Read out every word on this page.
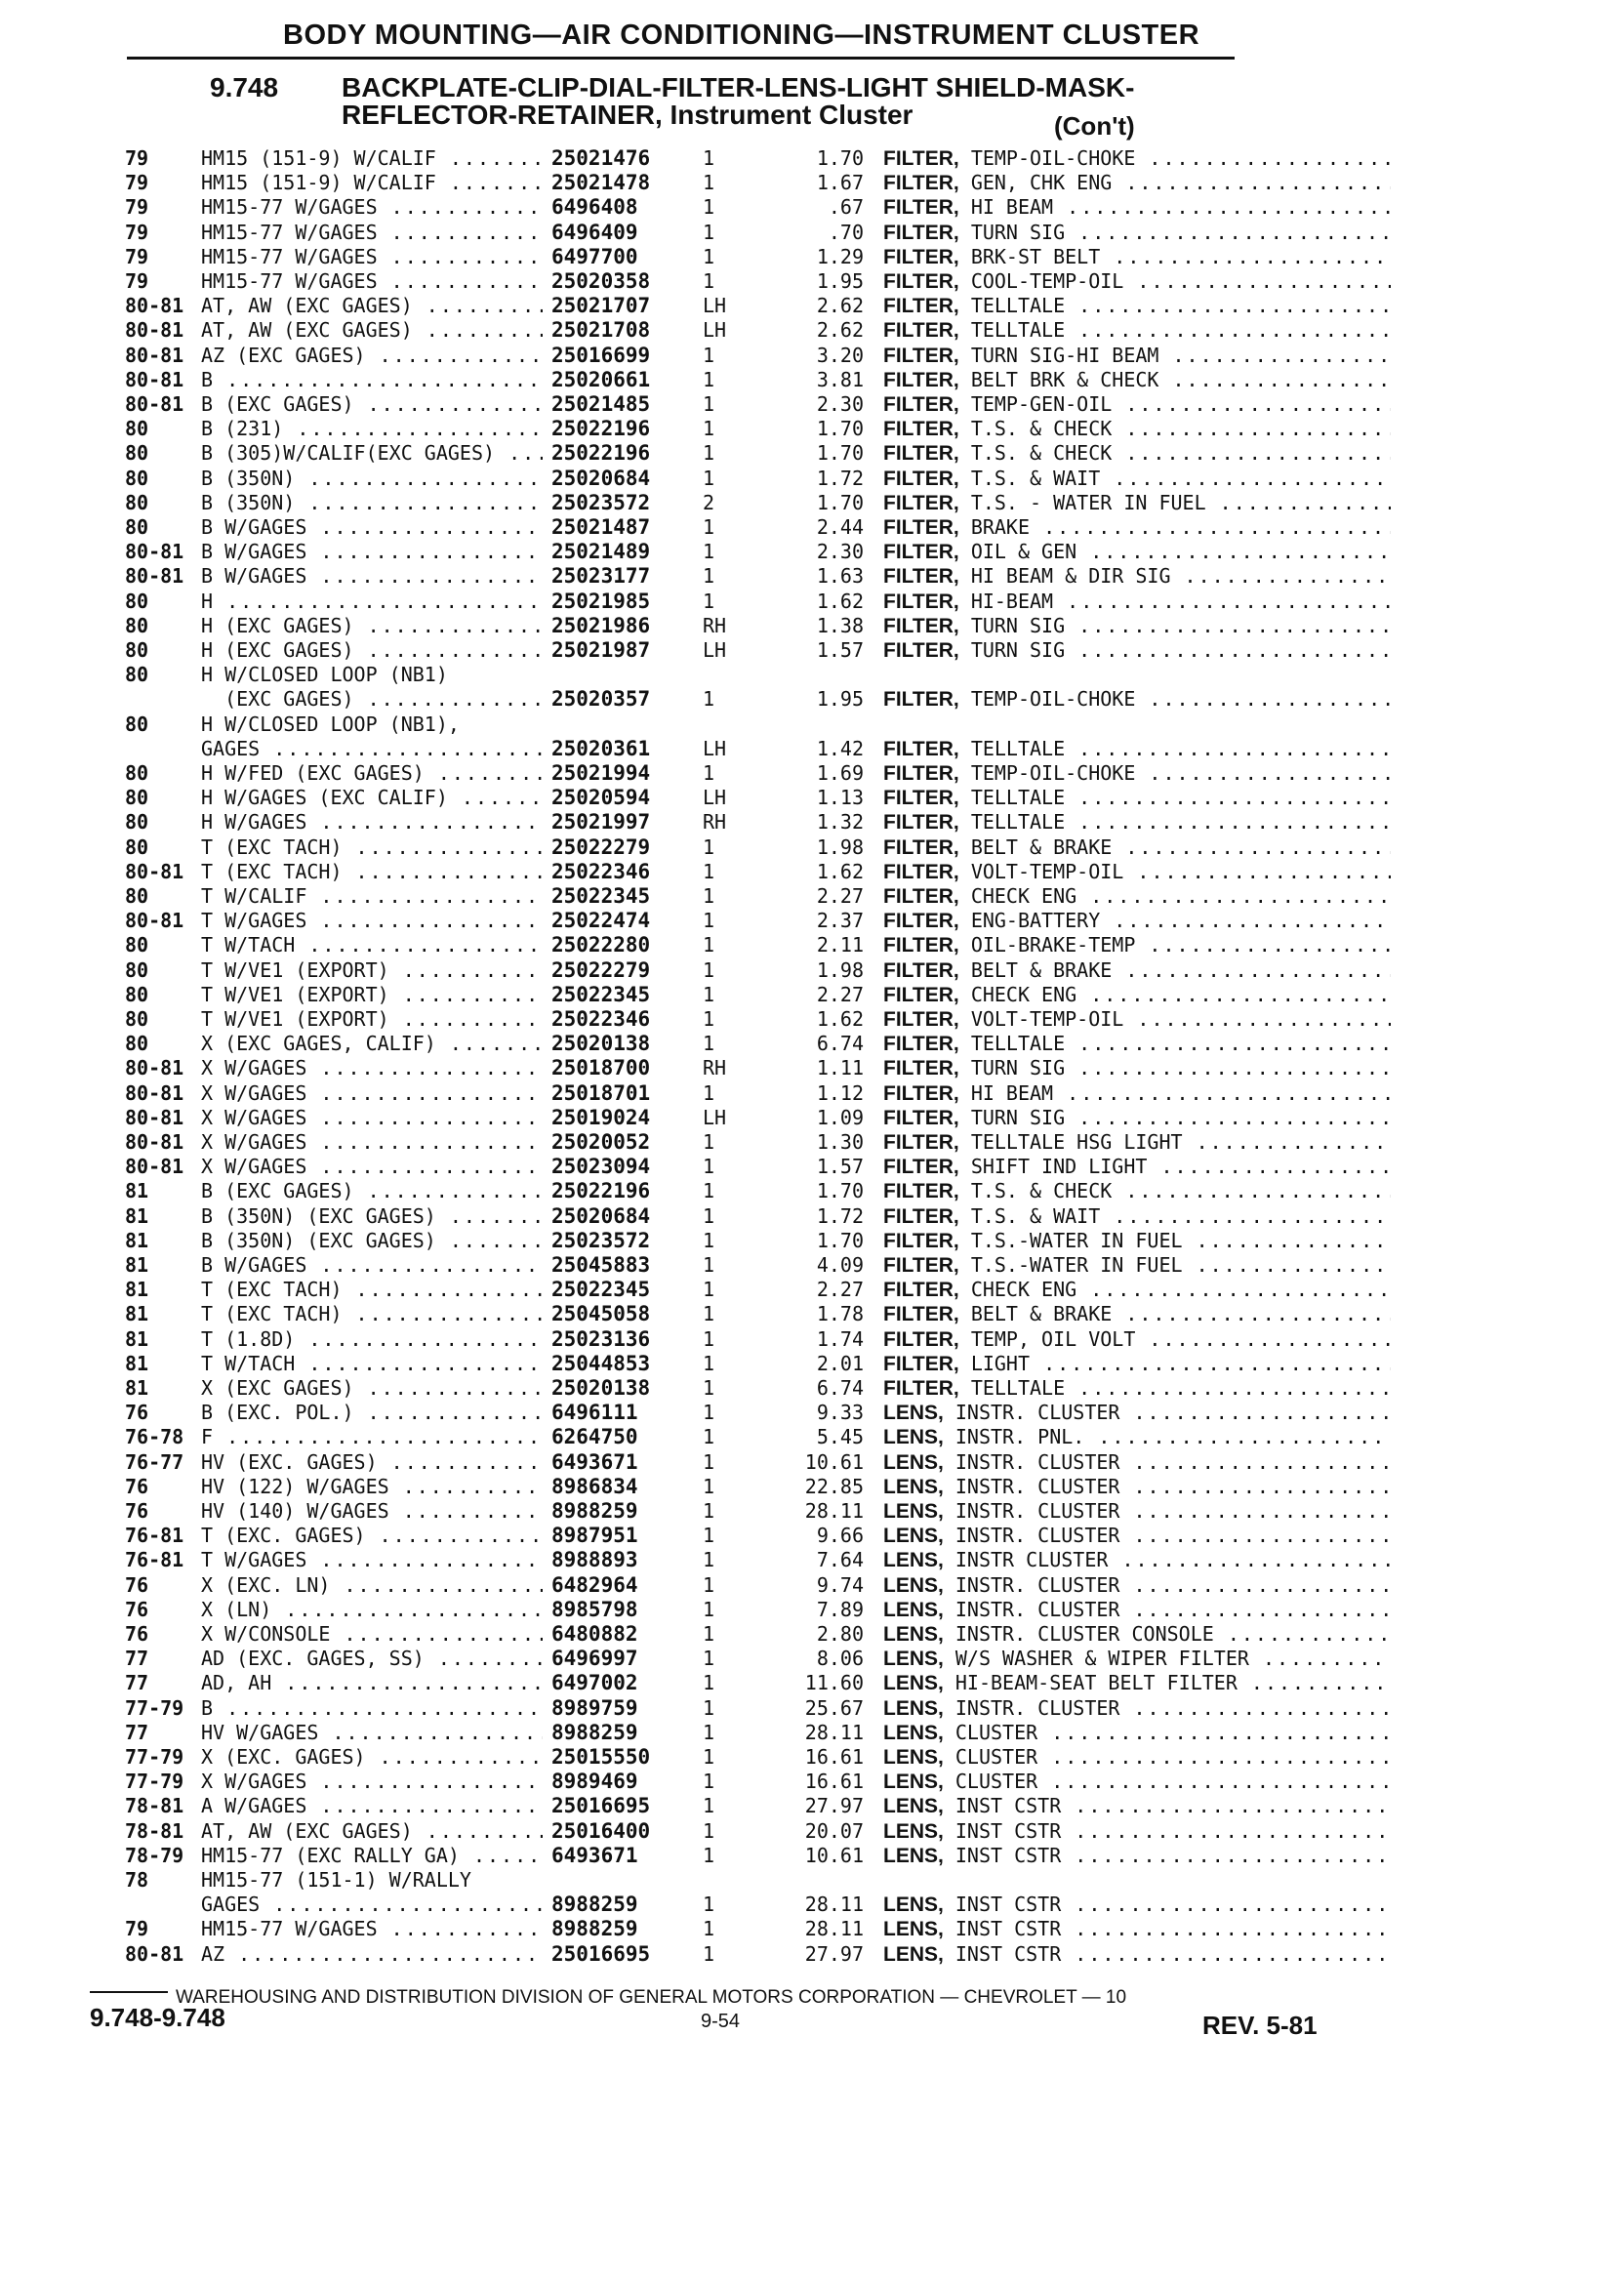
BODY MOUNTING—AIR CONDITIONING—INSTRUMENT CLUSTER
9.748 BACKPLATE-CLIP-DIAL-FILTER-LENS-LIGHT SHIELD-MASK-
REFLECTOR-RETAINER, Instrument Cluster	(Con't)
79	HM15 (151-9) W/CALIF .....	25021476	1	1.70 FILTER, TEMP-OIL-CHOKE .....
79	HM15 (151-9) W/CALIF .....	25021478	1	1.67 FILTER, GEN, CHK ENG .....
79	HM15-77 W/GAGES .....	6496408	1	.67 FILTER, HI BEAM .....
79	HM15-77 W/GAGES .....	6496409	1	.70 FILTER, TURN SIG .....
79	HM15-77 W/GAGES .....	6497700	1	1.29 FILTER, BRK-ST BELT .....
79	HM15-77 W/GAGES .....	25020358	1	1.95 FILTER, COOL-TEMP-OIL .....
80-81 AT, AW (EXC GAGES) .....	25021707	LH	2.62 FILTER, TELLTALE .....
80-81 AT, AW (EXC GAGES) .....	25021708	LH	2.62 FILTER, TELLTALE .....
80-81 AZ (EXC GAGES) .....	25016699	1	3.20 FILTER, TURN SIG-HI BEAM .....
80-81 B .....	25020661	1	3.81 FILTER, BELT BRK & CHECK .....
80-81 B (EXC GAGES) .....	25021485	1	2.30 FILTER, TEMP-GEN-OIL .....
80	B (231) .....	25022196	1	1.70 FILTER, T.S. & CHECK .....
80	B (305)W/CALIF(EXC GAGES) .....	25022196	1	1.70 FILTER, T.S. & CHECK .....
80	B (350N) .....	25020684	1	1.72 FILTER, T.S. & WAIT .....
80	B (350N) .....	25023572	2	1.70 FILTER, T.S. - WATER IN FUEL .....
80	B W/GAGES .....	25021487	1	2.44 FILTER, BRAKE .....
80-81 B W/GAGES .....	25021489	1	2.30 FILTER, OIL & GEN .....
80-81 B W/GAGES .....	25023177	1	1.63 FILTER, HI BEAM & DIR SIG .....
80	H .....	25021985	1	1.62 FILTER, HI-BEAM .....
80	H (EXC GAGES) .....	25021986	RH	1.38 FILTER, TURN SIG .....
80	H (EXC GAGES) .....	25021987	LH	1.57 FILTER, TURN SIG .....
80	H W/CLOSED LOOP (NB1)
(EXC GAGES) .....	25020357	1	1.95 FILTER, TEMP-OIL-CHOKE .....
80	H W/CLOSED LOOP (NB1),
GAGES .....	25020361	LH	1.42 FILTER, TELLTALE .....
80	H W/FED (EXC GAGES) .....	25021994	1	1.69 FILTER, TEMP-OIL-CHOKE .....
80	H W/GAGES (EXC CALIF) .....	25020594	LH	1.13 FILTER, TELLTALE .....
80	H W/GAGES .....	25021997	RH	1.32 FILTER, TELLTALE .....
80	T (EXC TACH) .....	25022279	1	1.98 FILTER, BELT & BRAKE .....
80-81 T (EXC TACH) .....	25022346	1	1.62 FILTER, VOLT-TEMP-OIL .....
80	T W/CALIF .....	25022345	1	2.27 FILTER, CHECK ENG .....
80-81 T W/GAGES .....	25022474	1	2.37 FILTER, ENG-BATTERY .....
80	T W/TACH .....	25022280	1	2.11 FILTER, OIL-BRAKE-TEMP .....
80	T W/VE1 (EXPORT) .....	25022279	1	1.98 FILTER, BELT & BRAKE .....
80	T W/VE1 (EXPORT) .....	25022345	1	2.27 FILTER, CHECK ENG .....
80	T W/VE1 (EXPORT) .....	25022346	1	1.62 FILTER, VOLT-TEMP-OIL .....
80	X (EXC GAGES, CALIF) .....	25020138	1	6.74 FILTER, TELLTALE .....
80-81 X W/GAGES .....	25018700	RH	1.11 FILTER, TURN SIG .....
80-81 X W/GAGES .....	25018701	1	1.12 FILTER, HI BEAM .....
80-81 X W/GAGES .....	25019024	LH	1.09 FILTER, TURN SIG .....
80-81 X W/GAGES .....	25020052	1	1.30 FILTER, TELLTALE HSG LIGHT .....
80-81 X W/GAGES .....	25023094	1	1.57 FILTER, SHIFT IND LIGHT .....
81	B (EXC GAGES) .....	25022196	1	1.70 FILTER, T.S. & CHECK .....
81	B (350N) (EXC GAGES) .....	25020684	1	1.72 FILTER, T.S. & WAIT .....
81	B (350N) (EXC GAGES) .....	25023572	1	1.70 FILTER, T.S.-WATER IN FUEL .....
81	B W/GAGES .....	25045883	1	4.09 FILTER, T.S.-WATER IN FUEL .....
81	T (EXC TACH) .....	25022345	1	2.27 FILTER, CHECK ENG .....
81	T (EXC TACH) .....	25045058	1	1.78 FILTER, BELT & BRAKE .....
81	T (1.8D) .....	25023136	1	1.74 FILTER, TEMP, OIL VOLT .....
81	T W/TACH .....	25044853	1	2.01 FILTER, LIGHT .....
81	X (EXC GAGES) .....	25020138	1	6.74 FILTER, TELLTALE .....
76	B (EXC. POL.) .....	6496111	1	9.33 LENS, INSTR. CLUSTER .....
76-78 F .....	6264750	1	5.45 LENS, INSTR. PNL. .....
76-77 HV (EXC. GAGES) .....	6493671	1	10.61 LENS, INSTR. CLUSTER .....
76	HV (122) W/GAGES .....	8986834	1	22.85 LENS, INSTR. CLUSTER .....
76	HV (140) W/GAGES .....	8988259	1	28.11 LENS, INSTR. CLUSTER .....
76-81 T (EXC. GAGES) .....	8987951	1	9.66 LENS, INSTR. CLUSTER .....
76-81 T W/GAGES .....	8988893	1	7.64 LENS, INSTR CLUSTER .....
76	X (EXC. LN) .....	6482964	1	9.74 LENS, INSTR. CLUSTER .....
76	X (LN) .....	8985798	1	7.89 LENS, INSTR. CLUSTER .....
76	X W/CONSOLE .....	6480882	1	2.80 LENS, INSTR. CLUSTER CONSOLE .....
77	AD (EXC. GAGES, SS) .....	6496997	1	8.06 LENS, W/S WASHER & WIPER FILTER .....
77	AD, AH .....	6497002	1	11.60 LENS, HI-BEAM-SEAT BELT FILTER .....
77-79 B .....	8989759	1	25.67 LENS, INSTR. CLUSTER .....
77	HV W/GAGES .....	8988259	1	28.11 LENS, CLUSTER .....
77-79 X (EXC. GAGES) .....	25015550	1	16.61 LENS, CLUSTER .....
77-79 X W/GAGES .....	8989469	1	16.61 LENS, CLUSTER .....
78-81 A W/GAGES .....	25016695	1	27.97 LENS, INST CSTR .....
78-81 AT, AW (EXC GAGES) .....	25016400	1	20.07 LENS, INST CSTR .....
78-79 HM15-77 (EXC RALLY GA) .....	6493671	1	10.61 LENS, INST CSTR .....
78	HM15-77 (151-1) W/RALLY
GAGES .....	8988259	1	28.11 LENS, INST CSTR .....
79	HM15-77 W/GAGES .....	8988259	1	28.11 LENS, INST CSTR .....
80-81 AZ .....	25016695	1	27.97 LENS, INST CSTR .....
WAREHOUSING AND DISTRIBUTION DIVISION OF GENERAL MOTORS CORPORATION — CHEVROLET — 10
9.748-9.748	9-54	REV. 5-81
